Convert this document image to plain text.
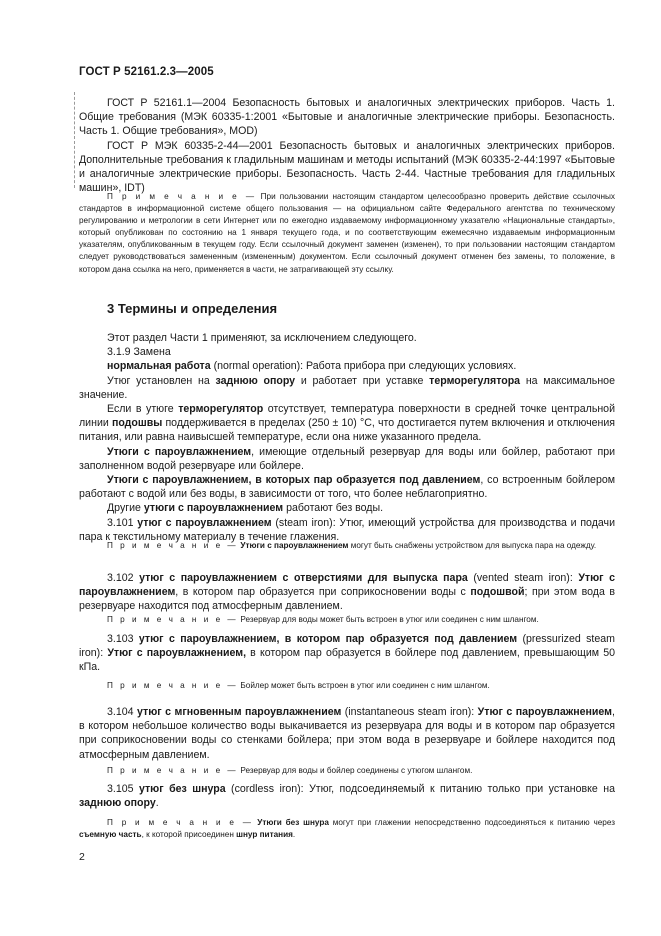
ГОСТ Р 52161.2.3—2005

ГОСТ Р 52161.1—2004 Безопасность бытовых и аналогичных электрических приборов. Часть 1. Общие требования (МЭК 60335-1:2001 «Бытовые и аналогичные электрические приборы. Безопасность. Часть 1. Общие требования», MOD)

ГОСТ Р МЭК 60335-2-44—2001 Безопасность бытовых и аналогичных электрических приборов. Дополнительные требования к гладильным машинам и методы испытаний (МЭК 60335-2-44:1997 «Бытовые и аналогичные электрические приборы. Безопасность. Часть 2-44. Частные требования для гладильных машин», IDT)

П р и м е ч а н и е — При пользовании настоящим стандартом целесообразно проверить действие ссылочных стандартов в информационной системе общего пользования — на официальном сайте Федерального агентства по техническому регулированию и метрологии в сети Интернет или по ежегодно издаваемому информационному указателю «Национальные стандарты», который опубликован по состоянию на 1 января текущего года, и по соответствующим ежемесячно издаваемым информационным указателям, опубликованным в текущем году. Если ссылочный документ заменен (изменен), то при пользовании настоящим стандартом следует руководствоваться замененным (измененным) документом. Если ссылочный документ отменен без замены, то положение, в котором дана ссылка на него, применяется в части, не затрагивающей эту ссылку.

3 Термины и определения

Этот раздел Части 1 применяют, за исключением следующего.

3.1.9 Замена

нормальная работа (normal operation): Работа прибора при следующих условиях.

Утюг установлен на заднюю опору и работает при уставке терморегулятора на максимальное значение.

Если в утюге терморегулятор отсутствует, температура поверхности в средней точке центральной линии подошвы поддерживается в пределах (250 ± 10) °C, что достигается путем включения и отключения питания, или равна наивысшей температуре, если она ниже указанного предела.

Утюги с пароувлажнением, имеющие отдельный резервуар для воды или бойлер, работают при заполненном водой резервуаре или бойлере.

Утюги с пароувлажнением, в которых пар образуется под давлением, со встроенным бойлером работают с водой или без воды, в зависимости от того, что более неблагоприятно.

Другие утюги с пароувлажнением работают без воды.

3.101 утюг с пароувлажнением (steam iron): Утюг, имеющий устройства для производства и подачи пара к текстильному материалу в течение глажения.

П р и м е ч а н и е — Утюги с пароувлажнением могут быть снабжены устройством для выпуска пара на одежду.

3.102 утюг с пароувлажнением с отверстиями для выпуска пара (vented steam iron): Утюг с пароувлажнением, в котором пар образуется при соприкосновении воды с подошвой; при этом вода в резервуаре находится под атмосферным давлением.

П р и м е ч а н и е — Резервуар для воды может быть встроен в утюг или соединен с ним шлангом.

3.103 утюг с пароувлажнением, в котором пар образуется под давлением (pressurized steam iron): Утюг с пароувлажнением, в котором пар образуется в бойлере под давлением, превышающим 50 кПа.

П р и м е ч а н и е — Бойлер может быть встроен в утюг или соединен с ним шлангом.

3.104 утюг с мгновенным пароувлажнением (instantaneous steam iron): Утюг с пароувлажнением, в котором небольшое количество воды выкачивается из резервуара для воды и в котором пар образуется при соприкосновении воды со стенками бойлера; при этом вода в резервуаре и бойлере находится под атмосферным давлением.

П р и м е ч а н и е — Резервуар для воды и бойлер соединены с утюгом шлангом.

3.105 утюг без шнура (cordless iron): Утюг, подсоединяемый к питанию только при установке на заднюю опору.

П р и м е ч а н и е — Утюги без шнура могут при глажении непосредственно подсоединяться к питанию через съемную часть, к которой присоединен шнур питания.

2
